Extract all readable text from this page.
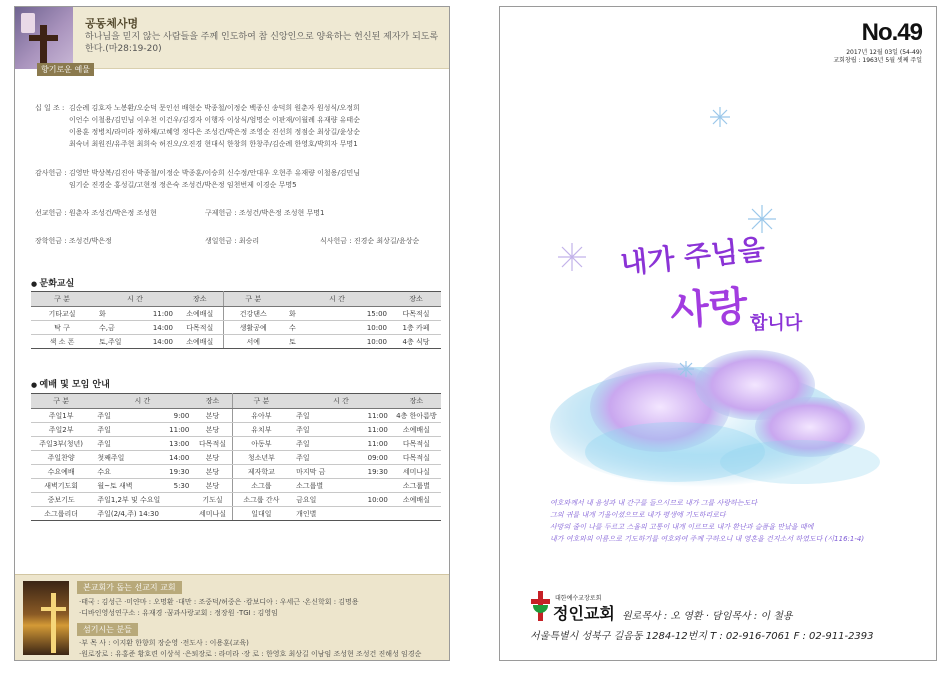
공동체사명
하나님을 믿지 않는 사람들을 주께 인도하여 참 신앙인으로 양육하는 헌신된 제자가 되도록 한다.(마28:19-20)
향기로운 예물
십 일 조 : 김순례 김호자 노봉환/오순덕 문인선 배현순 박종철/이정순 백종신 송덕희 원춘자 원성식/오정희
이언수 이철용/김민님 이우천 이건우/김경자 이행자 이상식/엄명순 이판재/이월례 유재량 유태순
이용훈 정병치/라미라 정하채/고혜영 정다은 조성건/박은정 조영순 진선희 정점순 최상길/윤상순
최숙녀 최원진/유주현 최희숙 허진오/오진경 현대식 한창희 한창주/김순례 한영호/박희자 무명1
감사헌금 : 김영만 박상복/김진아 박종철/이정순 박종훈/이승희 신수정/안대우 오현주 유재량 이철용/김민님
임기순 진경순 홍성길/고현정 정은숙 조성건/박은정 임천번제 이경순 무명5
선교헌금 : 원춘자 조성건/박은정 조성현	구제헌금 : 조성건/박은정 조성현 무명1
장학헌금 : 조성건/박은정	생일헌금 : 최승리	식사헌금 : 진경순 최상길/윤상순
● 문화교실
구 분	시 간		장소	구 분	시 간		장소
기타교실	화	11:00	소예배실	건강댄스	화	15:00	다목적실
탁 구	수,금	14:00	다목적실	생활공예	수	10:00	1층 카페
색 소 폰	토,주일	14:00	소예배실	서예	토	10:00	4층 식당
● 예배 및 모임 안내
구 분	시 간		장소	구 분	시 간		장소
주일1부	주일	9:00	본당	유아부	주일	11:00	4층 한아름방
주일2부	주일	11:00	본당	유치부	주일	11:00	소예배실
주일3부(청년)	주일	13:00	다목적실	아동부	주일	11:00	다목적실
주일찬양	첫째주일	14:00	본당	청소년부	주일	09:00	다목적실
수요예배	수요	19:30	본당	제자학교	마지막 금	19:30	세미나실
새벽기도회	월~토 새벽	5:30	본당	소그룹	소그룹별		소그룹별
중보기도	주일1,2부 및 수요일		기도실	소그룹 간사	금요일	10:00	소예배실
소그룹리더	주일(2/4,주) 14:30		세미나실	일대일	개인별		
본교회가 돕는 선교지 교회
·태국 : 김성근 ·미얀마 : 오명환 ·대만 : 조중덕/허중은 ·캄보디아 : 우세근 ·온신학회 : 김명용
·디바인영성연구소 : 유재경 ·꿈과사랑교회 : 정장원 ·TGI : 김영임
섬기시는 분들
·부 목 사 : 이지환 한향희 장순영 ·전도사 : 이용훈(교육)
·원로장로 : 유홍준 황호련 이상석 ·은퇴장로 : 라미라 ·장 로 : 한영호 최상길 이남임 조성현 조성건 진해성 임경순
No.49
2017년 12월 03일 (54-49)
교회창립 : 1963년 5월 셋째 주일
내가 주님을
사랑 합니다
여호와께서 내 음성과 내 간구를 들으시므로 내가 그를 사랑하는도다
그의 귀를 내게 기울이셨으므로 내가 평생에 기도하리로다
사망의 줄이 나를 두르고 스올의 고통이 내게 이르므로 내가 환난과 슬픔을 만났을 때에
내가 여호와의 이름으로 기도하기를 여호와여 주께 구하오니 내 영혼을 건지소서 하였도다 (시116:1-4)
대한예수교장로회
정인교회 원로목사 : 오 영환 · 담임목사 : 이 철용
서울특별시 성북구 길음동 1284-12번지 T : 02-916-7061 F : 02-911-2393
